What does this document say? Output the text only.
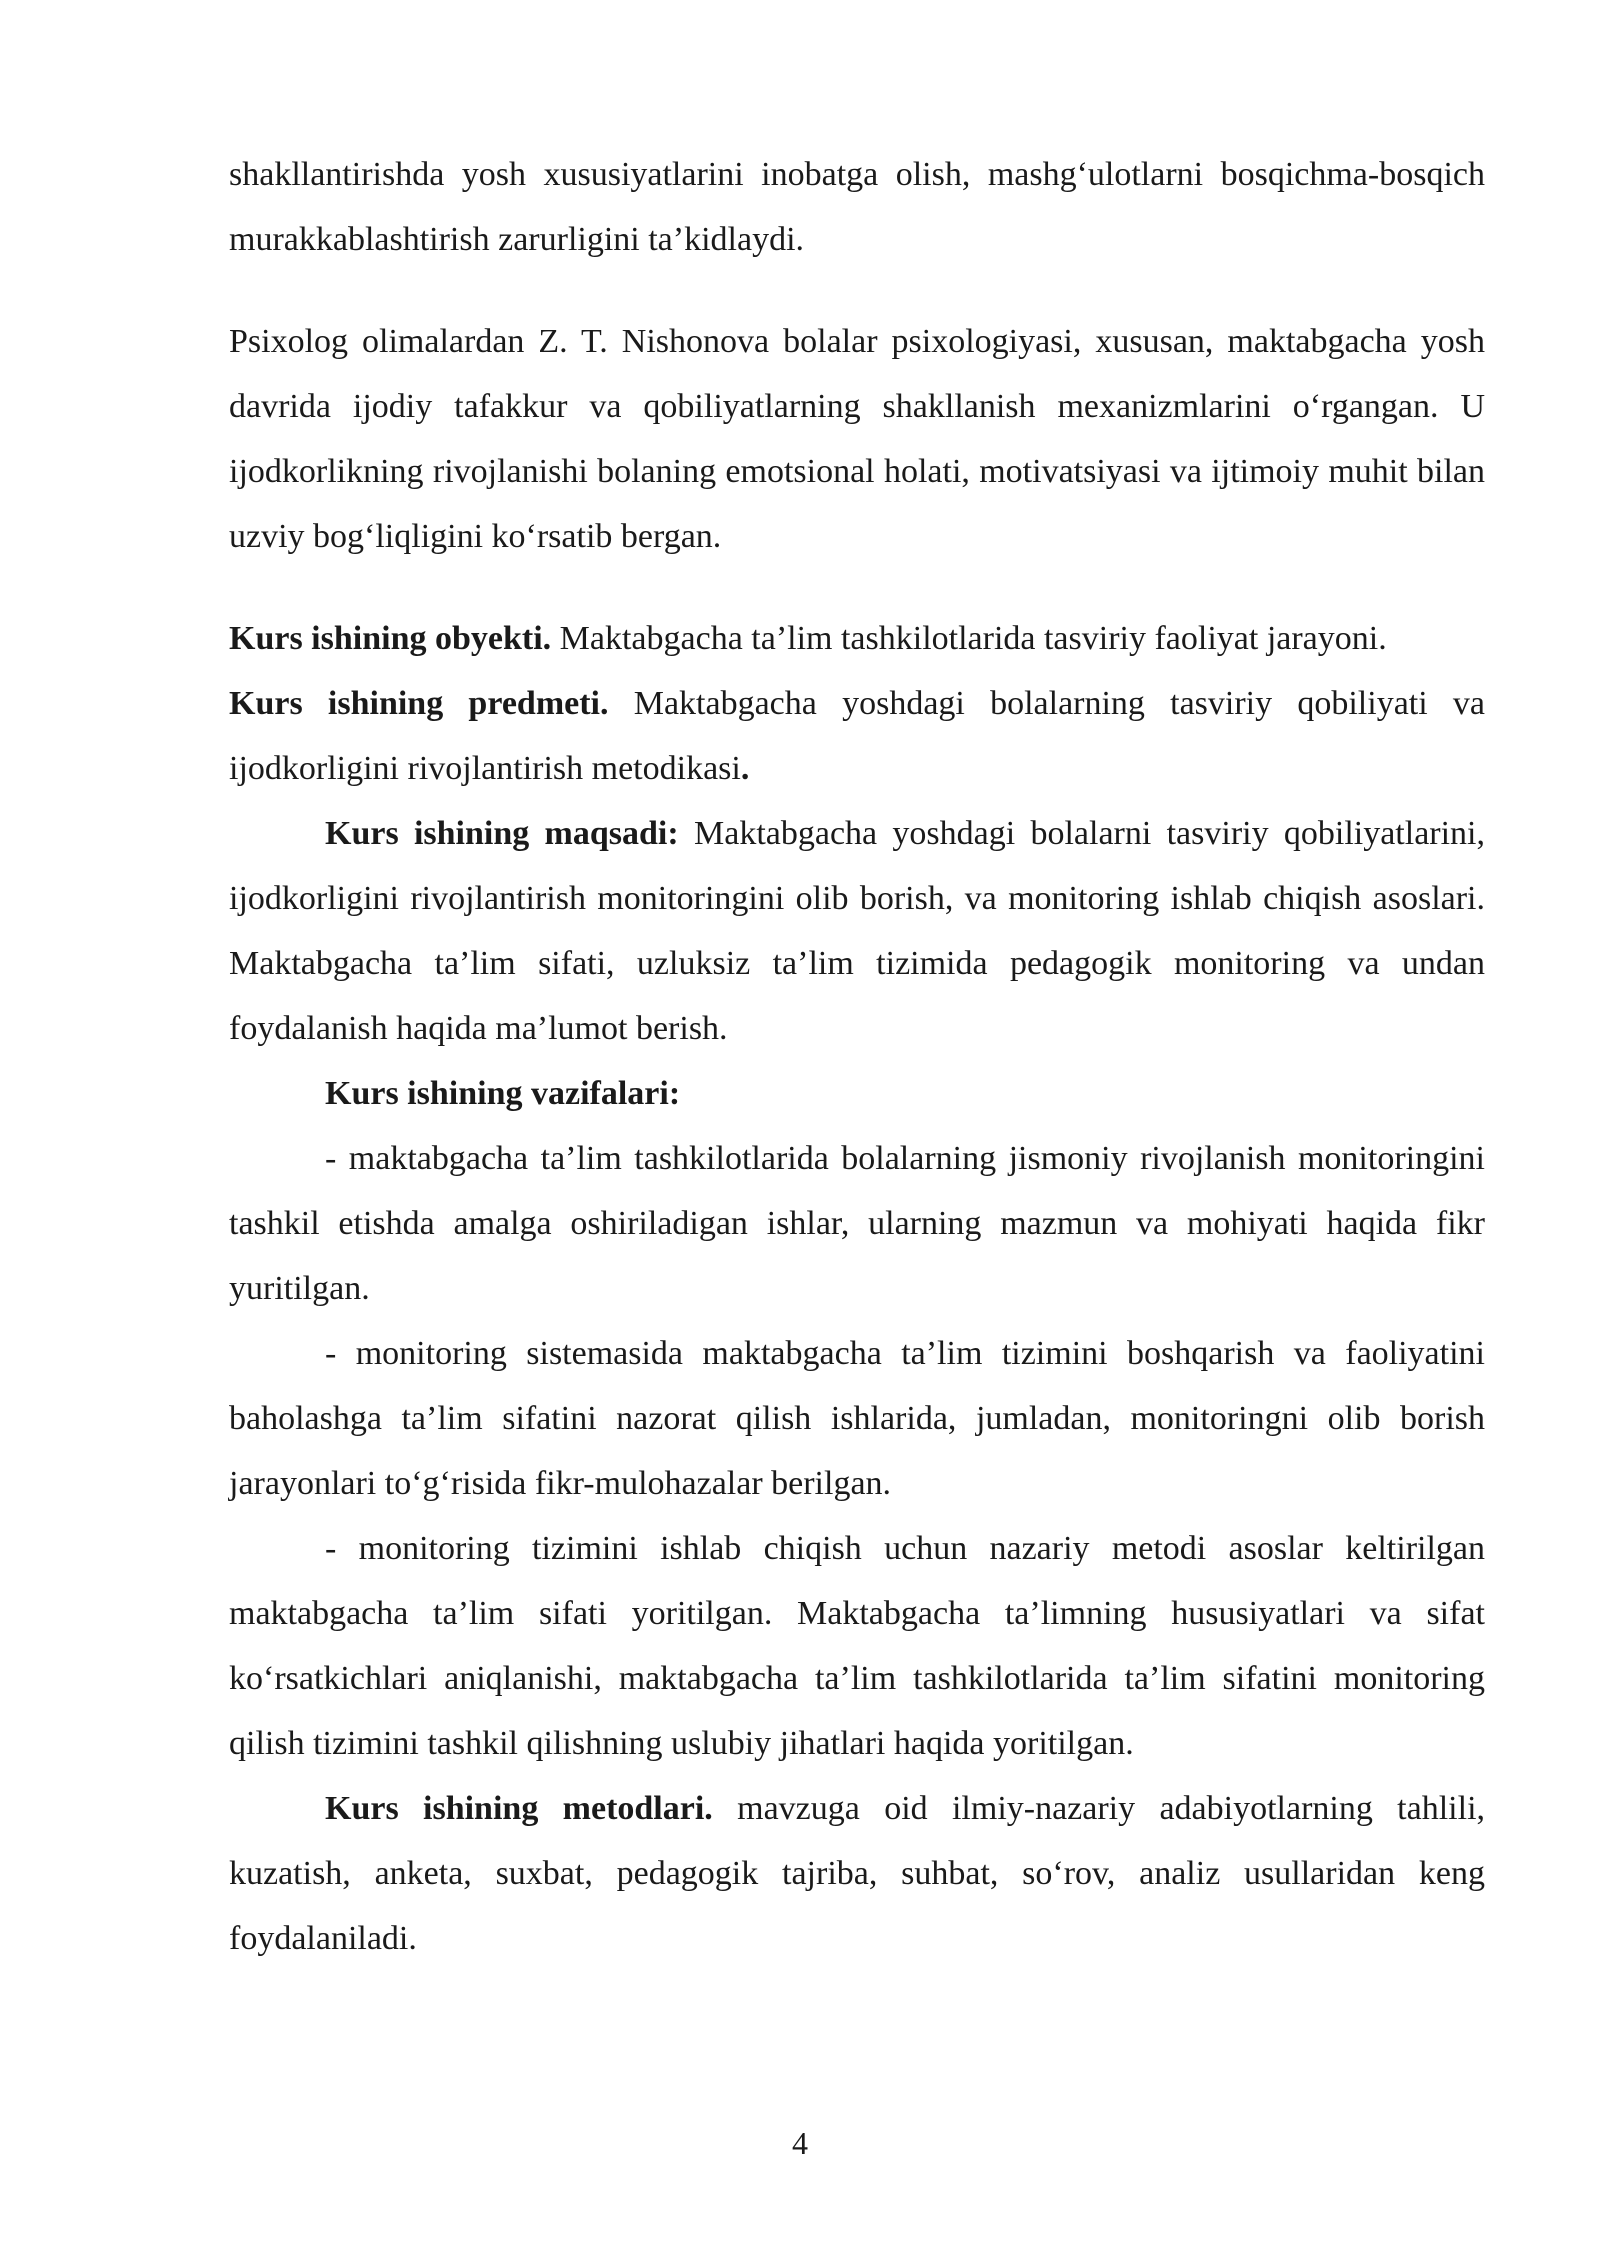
shakllantirishda yosh xususiyatlarini inobatga olish, mashg‘ulotlarni bosqichma-bosqich murakkablashtirish zarurligini ta’kidlaydi.

Psixolog olimalardan Z. T. Nishonova bolalar psixologiyasi, xususan, maktabgacha yosh davrida ijodiy tafakkur va qobiliyatlarning shakllanish mexanizmlarini o‘rgangan. U ijodkorlikning rivojlanishi bolaning emotsional holati, motivatsiyasi va ijtimoiy muhit bilan uzviy bog‘liqligini ko‘rsatib bergan.

Kurs ishining obyekti. Maktabgacha ta’lim tashkilotlarida tasviriy faoliyat jarayoni.

Kurs ishining predmeti. Maktabgacha yoshdagi bolalarning tasviriy qobiliyati va ijodkorligini rivojlantirish metodikasi.

Kurs ishining maqsadi: Maktabgacha yoshdagi bolalarni tasviriy qobiliyatlarini, ijodkorligini rivojlantirish monitoringini olib borish, va monitoring ishlab chiqish asoslari. Maktabgacha ta’lim sifati, uzluksiz ta’lim tizimida pedagogik monitoring va undan foydalanish haqida ma’lumot berish.

Kurs ishining vazifalari:

- maktabgacha ta’lim tashkilotlarida bolalarning jismoniy rivojlanish monitoringini tashkil etishda amalga oshiriladigan ishlar, ularning mazmun va mohiyati haqida fikr yuritilgan.

- monitoring sistemasida maktabgacha ta’lim tizimini boshqarish va faoliyatini baholashga ta’lim sifatini nazorat qilish ishlarida, jumladan, monitoringni olib borish jarayonlari to‘g‘risida fikr-mulohazalar berilgan.

- monitoring tizimini ishlab chiqish uchun nazariy metodi asoslar keltirilgan maktabgacha ta’lim sifati yoritilgan. Maktabgacha ta’limning hususiyatlari va sifat ko‘rsatkichlari aniqlanishi, maktabgacha ta’lim tashkilotlarida ta’lim sifatini monitoring qilish tizimini tashkil qilishning uslubiy jihatlari haqida yoritilgan.

Kurs ishining metodlari. mavzuga oid ilmiy-nazariy adabiyotlarning tahlili, kuzatish, anketa, suxbat, pedagogik tajriba, suhbat, so‘rov, analiz usullaridan keng foydalaniladi.

4
